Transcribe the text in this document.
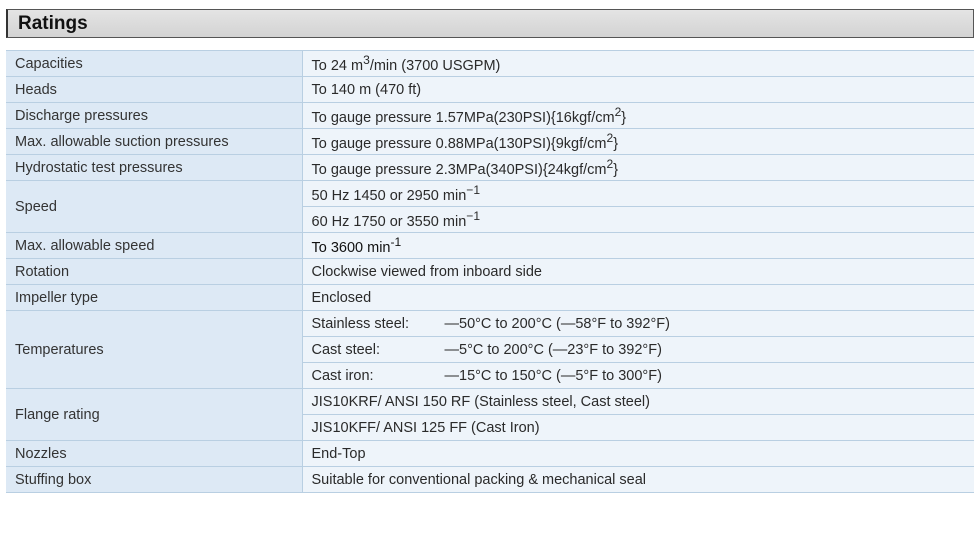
Ratings
Capacities	To 24 $m^3/\min$ (3700 USGPM)
Heads	To 140 m (470 ft)
Discharge pressures	To gauge pressure $1.57MPa(230PSI)\{16kgf/cm^2\}$
Max. allowable suction pressures	To gauge pressure $0.88MPa(130PSI)\{9kgf/cm^2\}$
Hydrostatic test pressures	To gauge pressure $2.3MPa(340PSI)\{24kgf/cm^2\}$
Speed	50 Hz 1450 or 2950 $\min^{-1}$
	60 Hz 1750 or 3550 $\min^{-1}$
Max. allowable speed	To 3600 $\min^{-1}$
Rotation	Clockwise viewed from inboard side
Impeller type	Enclosed
Temperatures	Stainless steel: —50°C to 200°C (—58°F to 392°F)
	Cast steel: —5°C to 200°C (—23°F to 392°F)
	Cast iron: —15°C to 150°C (—5°F to 300°F)
Flange rating	JIS10KRF/ ANSI 150 RF (Stainless steel, Cast steel)
	JIS10KFF/ ANSI 125 FF (Cast Iron)
Nozzles	End-Top
Stuffing box	Suitable for conventional packing & mechanical seal
